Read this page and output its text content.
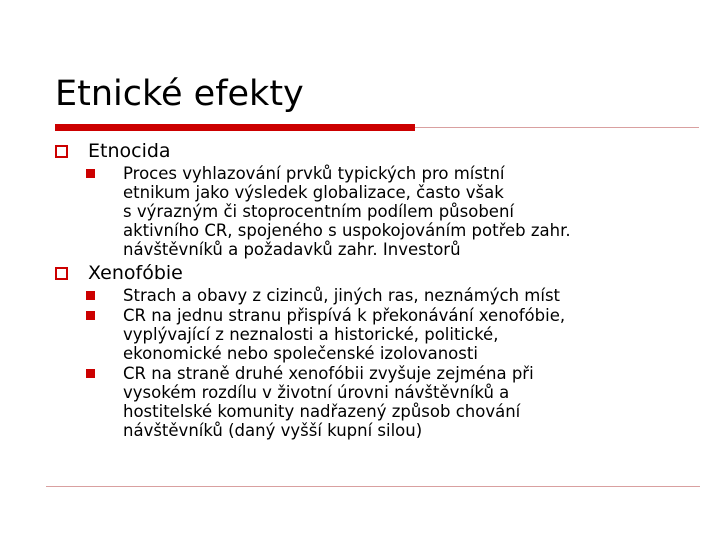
Etnické efekty
Etnocida
Proces vyhlazování prvků typických pro místní
etnikum jako výsledek globalizace, často však
s výrazným či stoprocentním podílem působení
aktivního CR, spojeného s uspokojováním potřeb zahr.
návštěvníků a požadavků zahr. Investorů
Xenofóbie
Strach a obavy z cizinců, jiných ras, neznámých míst
CR na jednu stranu přispívá k překonávání xenofóbie,
vyplývající z neznalosti a historické, politické,
ekonomické nebo společenské izolovanosti
CR na straně druhé xenofóbii zvyšuje zejména při
vysokém rozdílu v životní úrovni návštěvníků a
hostitelské komunity nadřazený způsob chování
návštěvníků (daný vyšší kupní silou)
